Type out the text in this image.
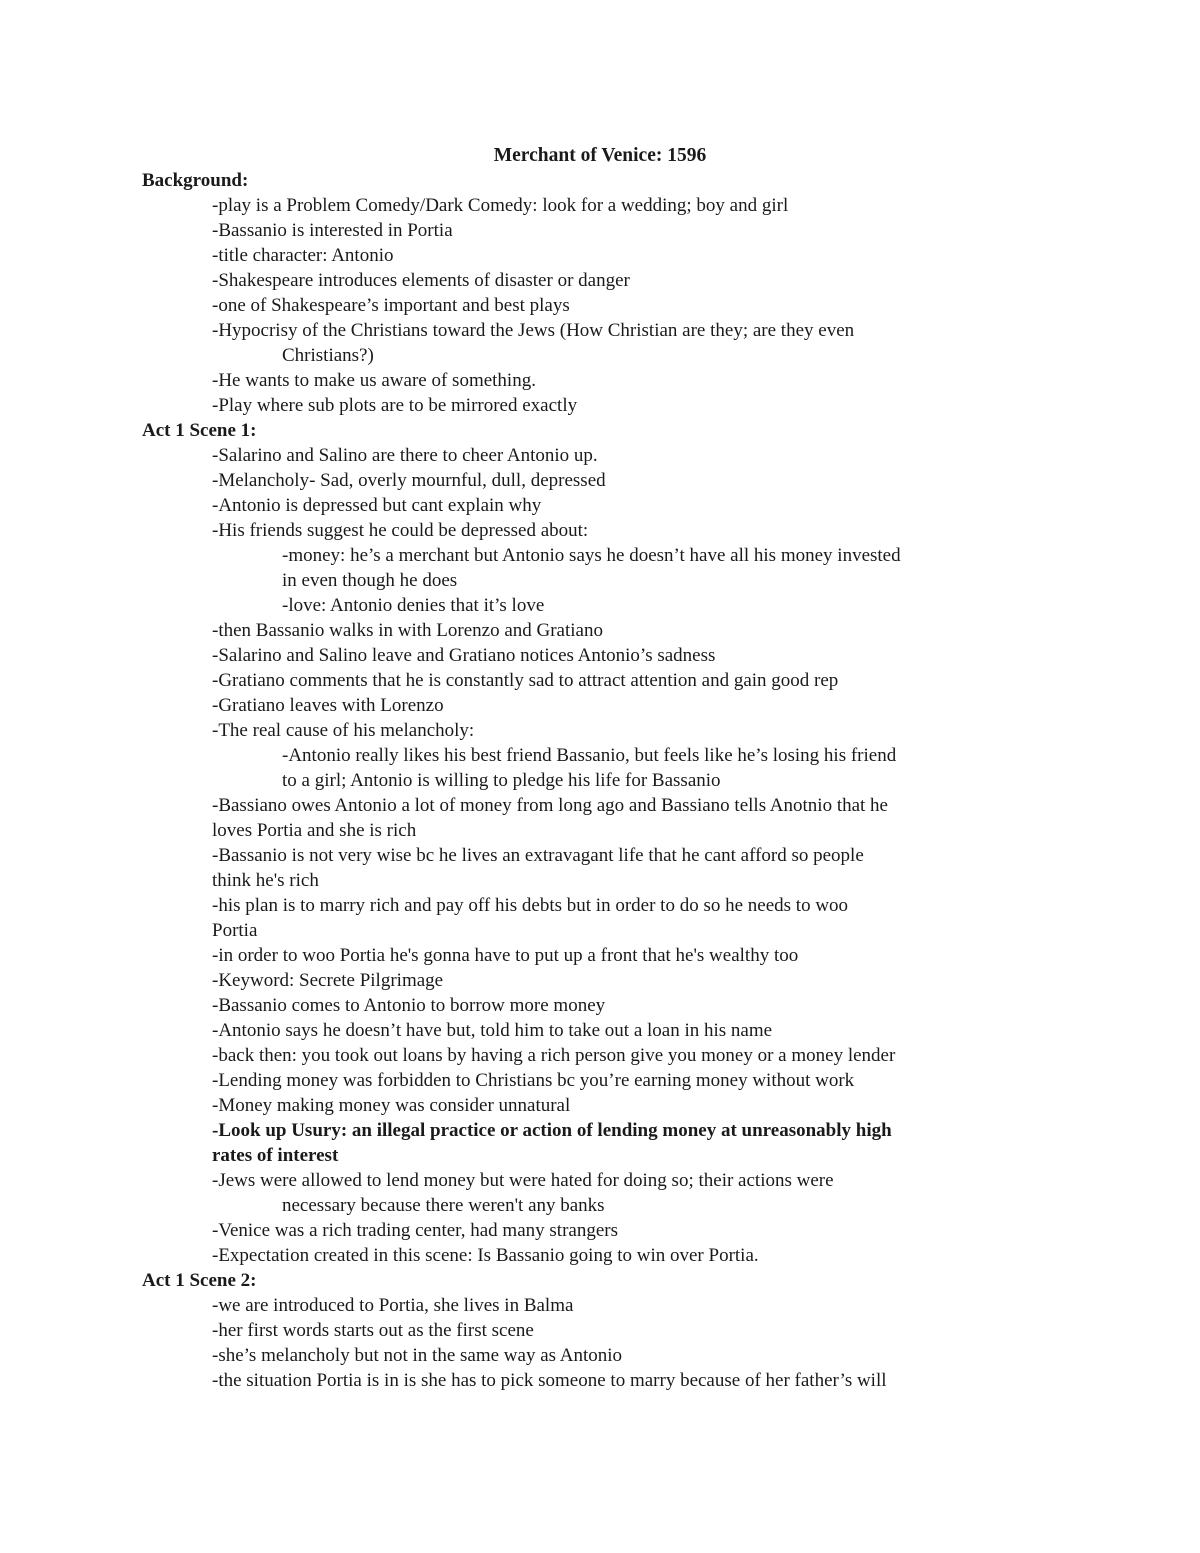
Merchant of Venice: 1596
Background:
-play is a Problem Comedy/Dark Comedy: look for a wedding; boy and girl
-Bassanio is interested in Portia
-title character: Antonio
-Shakespeare introduces elements of disaster or danger
-one of Shakespeare’s important and best plays
-Hypocrisy of the Christians toward the Jews (How Christian are they; are they even
Christians?)
-He wants to make us aware of something.
-Play where sub plots are to be mirrored exactly
Act 1 Scene 1:
-Salarino and Salino are there to cheer Antonio up.
-Melancholy- Sad, overly mournful, dull, depressed
-Antonio is depressed but cant explain why
-His friends suggest he could be depressed about:
-money: he’s a merchant but Antonio says he doesn’t have all his money invested
in even though he does
-love: Antonio denies that it’s love
-then Bassanio walks in with Lorenzo and Gratiano
-Salarino and Salino leave and Gratiano notices Antonio’s sadness
-Gratiano comments that he is constantly sad to attract attention and gain good rep
-Gratiano leaves with Lorenzo
-The real cause of his melancholy:
-Antonio really likes his best friend Bassanio, but feels like he’s losing his friend
to a girl; Antonio is willing to pledge his life for Bassanio
-Bassiano owes Antonio a lot of money from long ago and Bassiano tells Anotnio that he
loves Portia and she is rich
-Bassanio is not very wise bc he lives an extravagant life that he cant afford so people
think he's rich
-his plan is to marry rich and pay off his debts but in order to do so he needs to woo
Portia
-in order to woo Portia he's gonna have to put up a front that he's wealthy too
-Keyword: Secrete Pilgrimage
-Bassanio comes to Antonio to borrow more money
-Antonio says he doesn’t have but, told him to take out a loan in his name
-back then: you took out loans by having a rich person give you money or a money lender
-Lending money was forbidden to Christians bc you’re earning money without work
-Money making money was consider unnatural
-Look up Usury: an illegal practice or action of lending money at unreasonably high
rates of interest
-Jews were allowed to lend money but were hated for doing so; their actions were
necessary because there weren't any banks
-Venice was a rich trading center, had many strangers
-Expectation created in this scene: Is Bassanio going to win over Portia.
Act 1 Scene 2:
-we are introduced to Portia, she lives in Balma
-her first words starts out as the first scene
-she’s melancholy but not in the same way as Antonio
-the situation Portia is in is she has to pick someone to marry because of her father’s will
